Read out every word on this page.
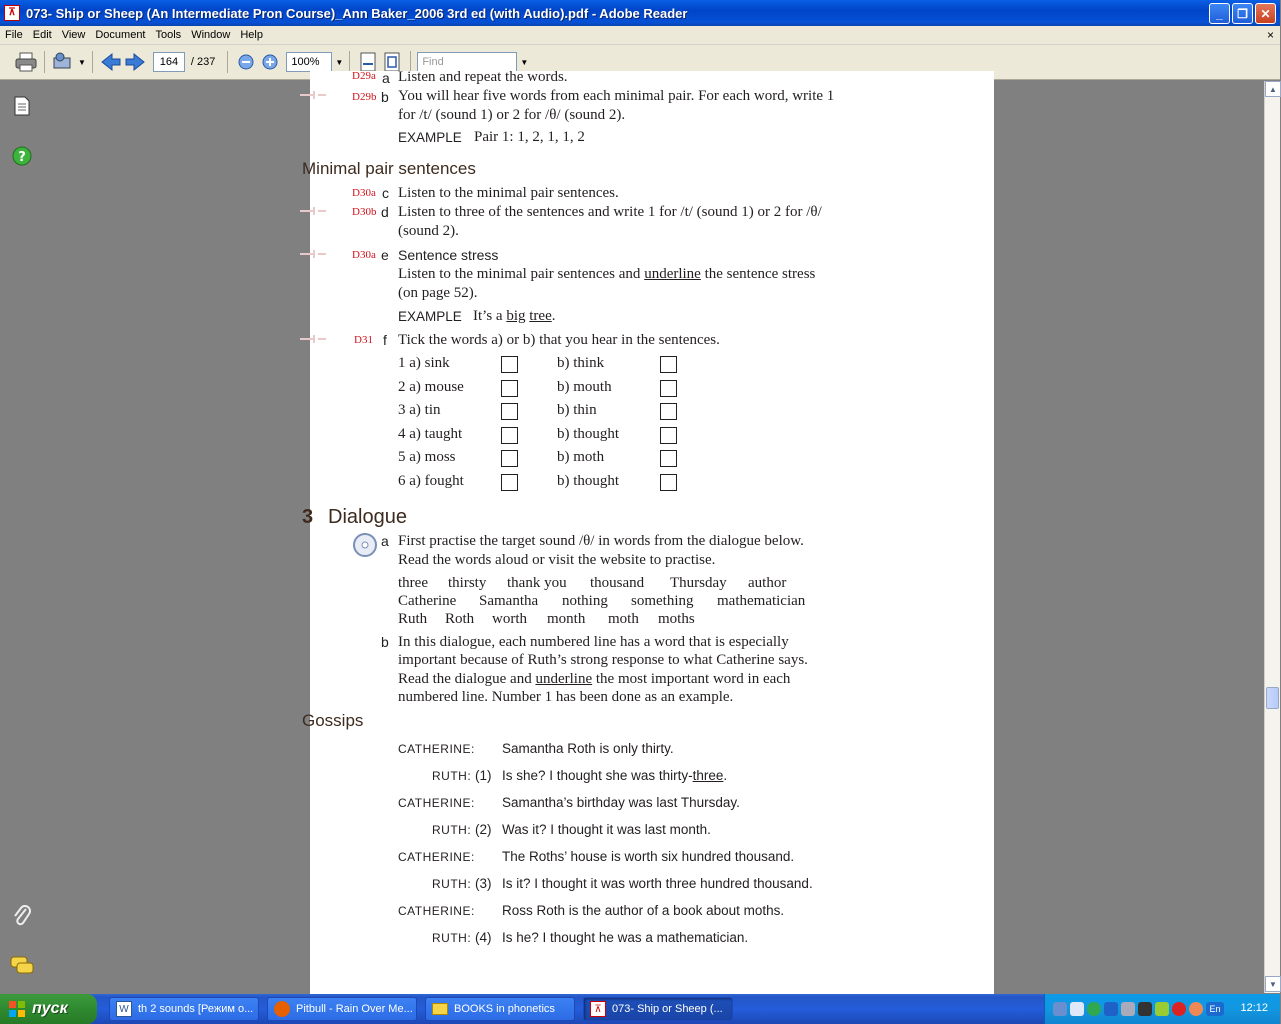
⊼ 073- Ship or Sheep (An Intermediate Pron Course)_Ann Baker_2006 3rd ed (with Audio).pdf - Adobe Reader	_	❐	✕
File Edit View Document Tools Window Help	×
▼	164	/ 237	100%	▼	Find	▼
?
D29a a Listen and repeat the words.
D29b b You will hear five words from each minimal pair. For each word, write 1
for /t/ (sound 1) or 2 for /θ/ (sound 2).
EXAMPLE Pair 1: 1, 2, 1, 1, 2
Minimal pair sentences
D30a c Listen to the minimal pair sentences.
D30b d Listen to three of the sentences and write 1 for /t/ (sound 1) or 2 for /θ/
(sound 2).
D30a e Sentence stress
Listen to the minimal pair sentences and underline the sentence stress
(on page 52).
EXAMPLE It’s a big tree.
D31 f Tick the words a) or b) that you hear in the sentences.
1 a) sink	b) think
2 a) mouse	b) mouth
3 a) tin	b) thin
4 a) taught	b) thought
5 a) moss	b) moth
6 a) fought	b) thought
3 Dialogue
a First practise the target sound /θ/ in words from the dialogue below.
Read the words aloud or visit the website to practise.
three thirsty thank you thousand Thursday author
Catherine Samantha nothing something mathematician
Ruth Roth worth month moth moths
b In this dialogue, each numbered line has a word that is especially
important because of Ruth’s strong response to what Catherine says.
Read the dialogue and underline the most important word in each
numbered line. Number 1 has been done as an example.
Gossips
CATHERINE: Samantha Roth is only thirty.
RUTH: (1) Is she? I thought she was thirty-three.
CATHERINE: Samantha’s birthday was last Thursday.
RUTH: (2) Was it? I thought it was last month.
CATHERINE: The Roths’ house is worth six hundred thousand.
RUTH: (3) Is it? I thought it was worth three hundred thousand.
CATHERINE: Ross Roth is the author of a book about moths.
RUTH: (4) Is he? I thought he was a mathematician.
▲
▼
пуск	W th 2 sounds [Режим о...	Pitbull - Rain Over Me...	BOOKS in phonetics	⊼ 073- Ship or Sheep (...	En	12:12
